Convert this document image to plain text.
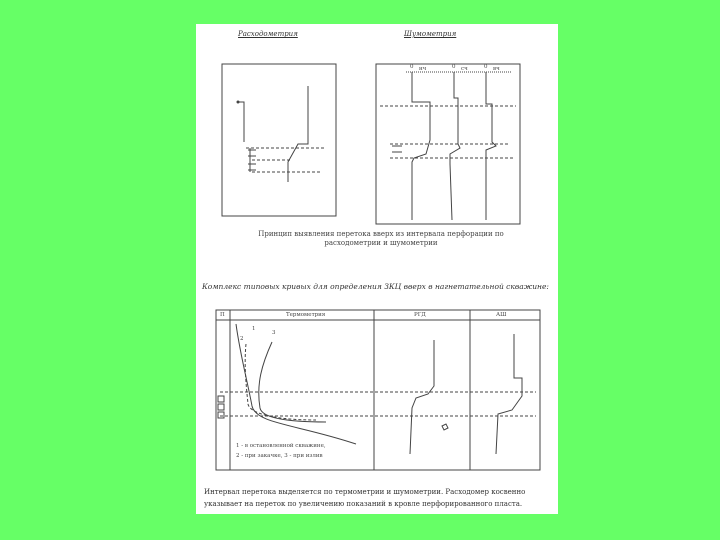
Расходометрия	Шумометрия
0 нч	0 сч	0 вч
Принцип выявления перетока вверх из интервала перфорации по расходометрии и шумометрии
Комплекс типовых кривых для определения ЗКЦ вверх в нагнетательной скважине:
П	Термометрия	РГД	АШ
1
2
3
1 - в остановленной скважине,
2 - при закачке, 3 - при излив
Интервал перетока выделяется по термометрии и шумометрии. Расходомер косвенно указывает на переток по увеличению показаний в кровле перфорированного пласта.
